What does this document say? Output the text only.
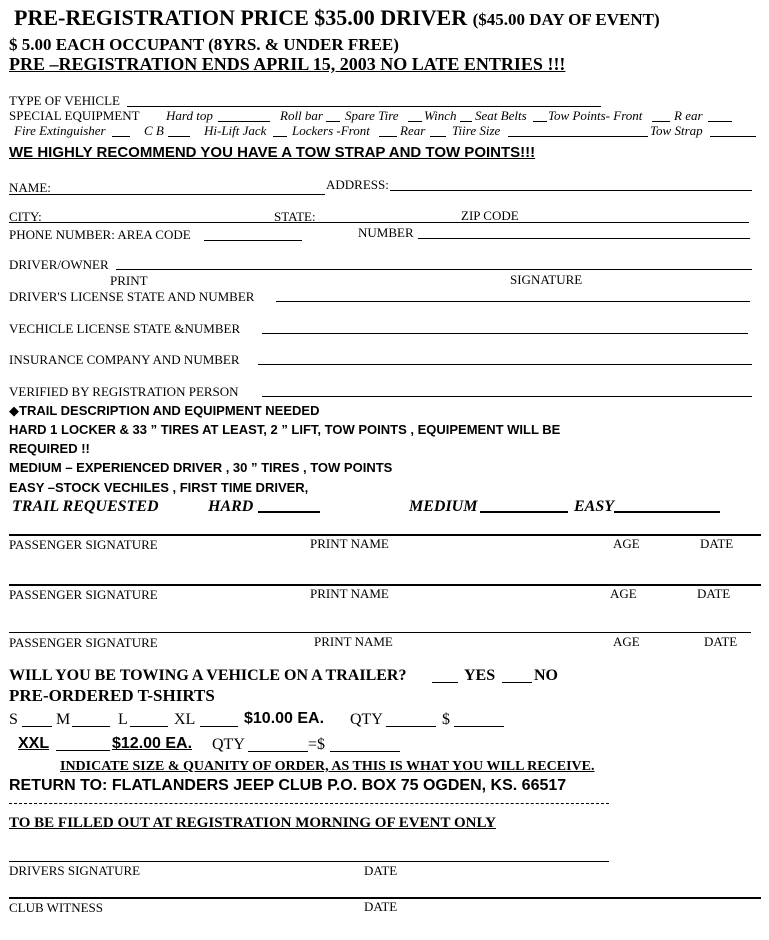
PRE-REGISTRATION PRICE $35.00 DRIVER ($45.00 DAY OF EVENT)
$ 5.00 EACH OCCUPANT (8YRS. & UNDER FREE)
PRE –REGISTRATION ENDS APRIL 15, 2003 NO LATE ENTRIES !!!
TYPE OF VEHICLE
SPECIAL EQUIPMENT Hard top	Roll bar Spare Tire Winch Seat Belts Tow Points- Front R ear
Fire Extinguisher	C B	Hi-Lift Jack Lockers -Front Rear Tiire Size	Tow Strap
WE HIGHLY RECOMMEND YOU HAVE A TOW STRAP AND TOW POINTS!!!
NAME:	ADDRESS:
CITY:	STATE:	ZIP CODE
PHONE NUMBER: AREA CODE	NUMBER
DRIVER/OWNER
PRINT	SIGNATURE
DRIVER'S LICENSE STATE AND NUMBER
VECHICLE LICENSE STATE &NUMBER
INSURANCE COMPANY AND NUMBER
VERIFIED BY REGISTRATION PERSON
◆TRAIL DESCRIPTION AND EQUIPMENT NEEDED
HARD 1 LOCKER & 33 ” TIRES AT LEAST, 2 ” LIFT, TOW POINTS , EQUIPEMENT WILL BE
REQUIRED !!
MEDIUM – EXPERIENCED DRIVER , 30 ” TIRES , TOW POINTS
EASY –STOCK VECHILES , FIRST TIME DRIVER,
TRAIL REQUESTED	HARD	MEDIUM	EASY
PASSENGER SIGNATURE	PRINT NAME	AGE	DATE
PASSENGER SIGNATURE	PRINT NAME	AGE	DATE
PASSENGER SIGNATURE	PRINT NAME	AGE	DATE
WILL YOU BE TOWING A VEHICLE ON A TRAILER?	YES NO
PRE-ORDERED T-SHIRTS
S M	L	XL	$10.00 EA. QTY	$
XXL	$12.00 EA. QTY	=$
INDICATE SIZE & QUANITY OF ORDER, AS THIS IS WHAT YOU WILL RECEIVE.
RETURN TO: FLATLANDERS JEEP CLUB P.O. BOX 75 OGDEN, KS. 66517
TO BE FILLED OUT AT REGISTRATION MORNING OF EVENT ONLY
DRIVERS SIGNATURE	DATE
CLUB WITNESS	DATE
